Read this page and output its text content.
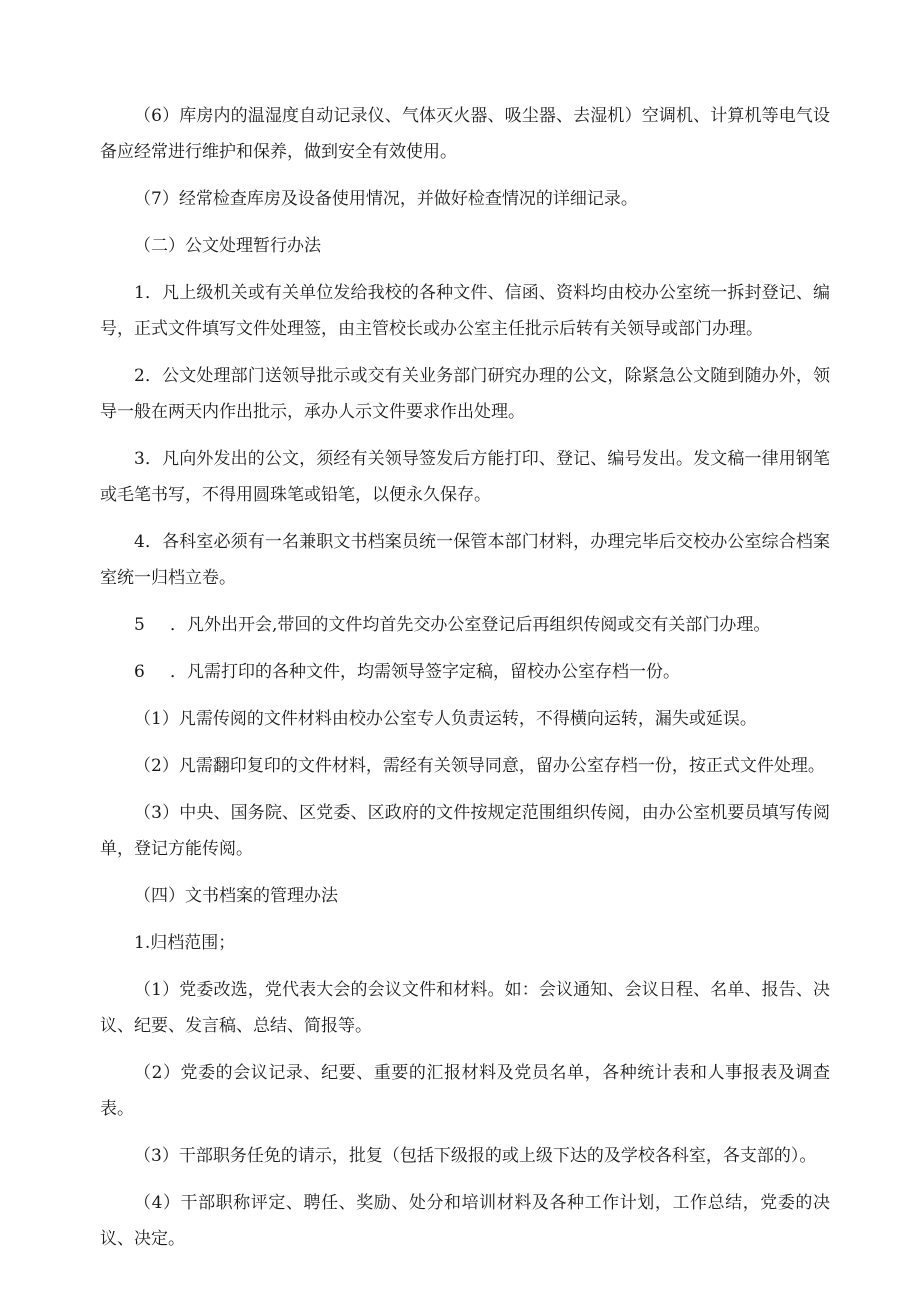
（6）库房内的温湿度自动记录仪、气体灭火器、吸尘器、去湿机）空调机、计算机等电气设备应经常进行维护和保养，做到安全有效使用。

（7）经常检查库房及设备使用情况，并做好检查情况的详细记录。

（二）公文处理暂行办法

1．凡上级机关或有关单位发给我校的各种文件、信函、资料均由校办公室统一拆封登记、编号，正式文件填写文件处理签，由主管校长或办公室主任批示后转有关领导或部门办理。

2．公文处理部门送领导批示或交有关业务部门研究办理的公文，除紧急公文随到随办外，领导一般在两天内作出批示，承办人示文件要求作出处理。

3．凡向外发出的公文，须经有关领导签发后方能打印、登记、编号发出。发文稿一律用钢笔或毛笔书写，不得用圆珠笔或铅笔，以便永久保存。

4．各科室必须有一名兼职文书档案员统一保管本部门材料，办理完毕后交校办公室综合档案室统一归档立卷。

5 ．凡外出开会,带回的文件均首先交办公室登记后再组织传阅或交有关部门办理。

6 ．凡需打印的各种文件，均需领导签字定稿，留校办公室存档一份。

（1）凡需传阅的文件材料由校办公室专人负责运转，不得横向运转，漏失或延误。

（2）凡需翻印复印的文件材料，需经有关领导同意，留办公室存档一份，按正式文件处理。

（3）中央、国务院、区党委、区政府的文件按规定范围组织传阅，由办公室机要员填写传阅单，登记方能传阅。

（四）文书档案的管理办法

1.归档范围；

（1）党委改选，党代表大会的会议文件和材料。如：会议通知、会议日程、名单、报告、决议、纪要、发言稿、总结、简报等。

（2）党委的会议记录、纪要、重要的汇报材料及党员名单，各种统计表和人事报表及调查表。

（3）干部职务任免的请示，批复（包括下级报的或上级下达的及学校各科室，各支部的）。

（4）干部职称评定、聘任、奖励、处分和培训材料及各种工作计划，工作总结，党委的决议、决定。
